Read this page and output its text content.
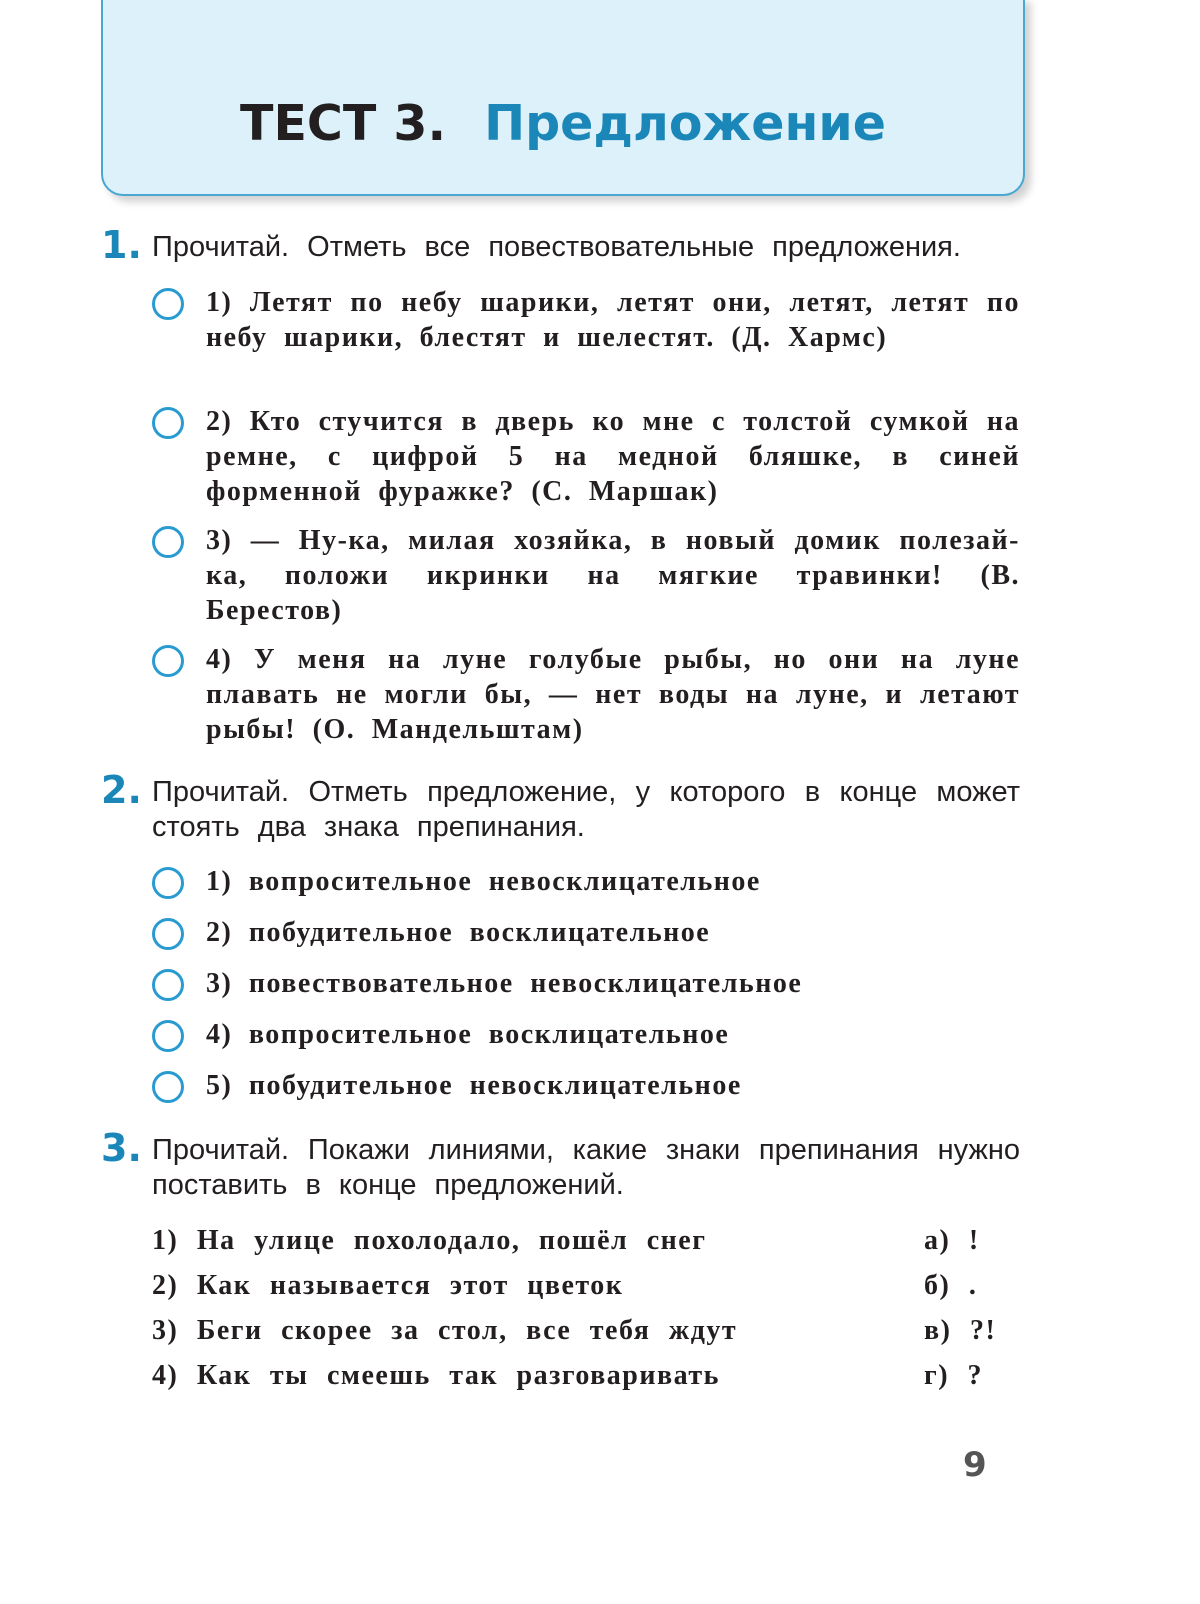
ТЕСТ 3. Предложение
1. Прочитай. Отметь все повествовательные предложения.
1) Летят по небу шарики, летят они, летят, летят по небу шарики, блестят и шелестят. (Д. Хармс)
2) Кто стучится в дверь ко мне с толстой сумкой на ремне, с цифрой 5 на медной бляшке, в синей форменной фуражке? (С. Маршак)
3) — Ну-ка, милая хозяйка, в новый домик полезай-ка, положи икринки на мягкие травинки! (В. Берестов)
4) У меня на луне голубые рыбы, но они на луне плавать не могли бы, — нет воды на луне, и летают рыбы! (О. Мандельштам)
2. Прочитай. Отметь предложение, у которого в конце может стоять два знака препинания.
1) вопросительное невосклицательное
2) побудительное восклицательное
3) повествовательное невосклицательное
4) вопросительное восклицательное
5) побудительное невосклицательное
3. Прочитай. Покажи линиями, какие знаки препинания нужно поставить в конце предложений.
1) На улице похолодало, пошёл снег	а) !
2) Как называется этот цветок	б) .
3) Беги скорее за стол, все тебя ждут	в) ?!
4) Как ты смеешь так разговаривать	г) ?
9
